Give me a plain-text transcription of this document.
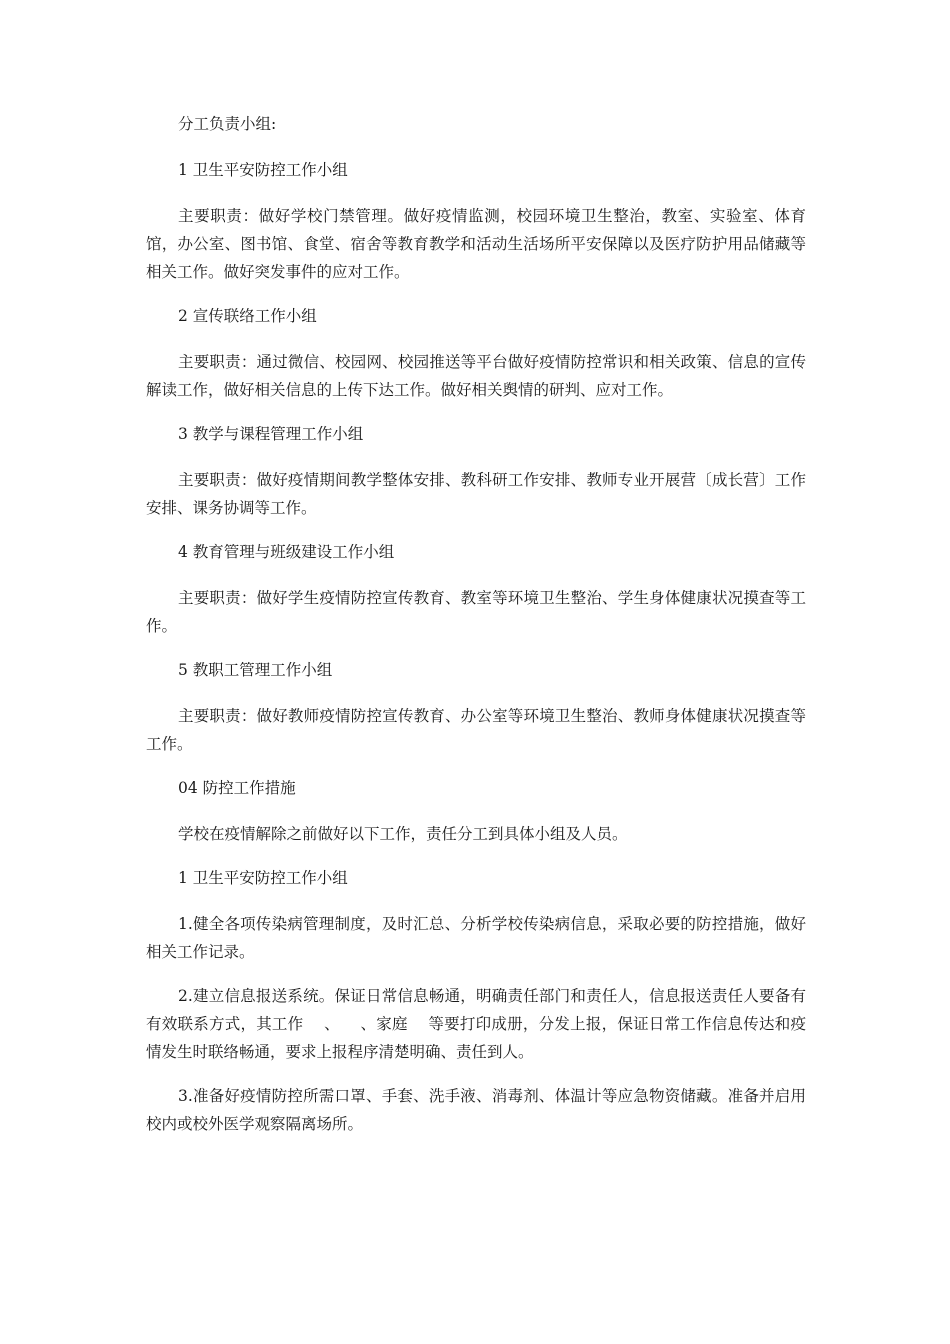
分工负责小组:

1 卫生平安防控工作小组

主要职责：做好学校门禁管理。做好疫情监测，校园环境卫生整治，教室、实验室、体育馆，办公室、图书馆、食堂、宿舍等教育教学和活动生活场所平安保障以及医疗防护用品储藏等相关工作。做好突发事件的应对工作。

2 宣传联络工作小组

主要职责：通过微信、校园网、校园推送等平台做好疫情防控常识和相关政策、信息的宣传解读工作，做好相关信息的上传下达工作。做好相关舆情的研判、应对工作。

3 教学与课程管理工作小组

主要职责：做好疫情期间教学整体安排、教科研工作安排、教师专业开展营〔成长营〕工作安排、课务协调等工作。

4 教育管理与班级建设工作小组

主要职责：做好学生疫情防控宣传教育、教室等环境卫生整治、学生身体健康状况摸查等工作。

5 教职工管理工作小组

主要职责：做好教师疫情防控宣传教育、办公室等环境卫生整治、教师身体健康状况摸查等工作。

04 防控工作措施

学校在疫情解除之前做好以下工作，责任分工到具体小组及人员。

1 卫生平安防控工作小组

1.健全各项传染病管理制度，及时汇总、分析学校传染病信息，采取必要的防控措施，做好相关工作记录。

2.建立信息报送系统。保证日常信息畅通，明确责任部门和责任人，信息报送责任人要备有有效联系方式，其工作    、    、家庭    等要打印成册，分发上报，保证日常工作信息传达和疫情发生时联络畅通，要求上报程序清楚明确、责任到人。

3.准备好疫情防控所需口罩、手套、洗手液、消毒剂、体温计等应急物资储藏。准备并启用校内或校外医学观察隔离场所。
